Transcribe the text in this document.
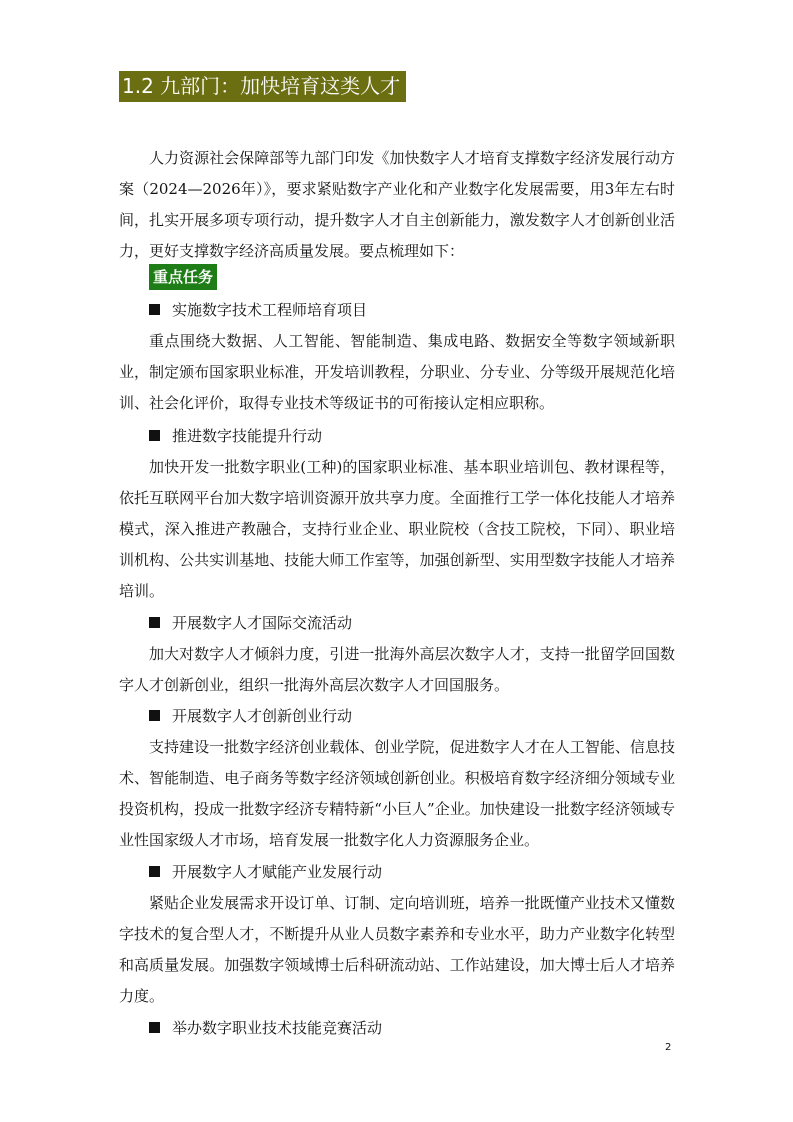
1.2 九部门：加快培育这类人才

人力资源社会保障部等九部门印发《加快数字人才培育支撑数字经济发展行动方案（2024—2026年）》，要求紧贴数字产业化和产业数字化发展需要，用3年左右时间，扎实开展多项专项行动，提升数字人才自主创新能力，激发数字人才创新创业活力，更好支撑数字经济高质量发展。要点梳理如下：

重点任务
实施数字技术工程师培育项目

重点围绕大数据、人工智能、智能制造、集成电路、数据安全等数字领域新职业，制定颁布国家职业标准，开发培训教程，分职业、分专业、分等级开展规范化培训、社会化评价，取得专业技术等级证书的可衔接认定相应职称。

推进数字技能提升行动

加快开发一批数字职业(工种)的国家职业标准、基本职业培训包、教材课程等，依托互联网平台加大数字培训资源开放共享力度。全面推行工学一体化技能人才培养模式，深入推进产教融合，支持行业企业、职业院校（含技工院校，下同）、职业培训机构、公共实训基地、技能大师工作室等，加强创新型、实用型数字技能人才培养培训。

开展数字人才国际交流活动

加大对数字人才倾斜力度，引进一批海外高层次数字人才，支持一批留学回国数字人才创新创业，组织一批海外高层次数字人才回国服务。

开展数字人才创新创业行动

支持建设一批数字经济创业载体、创业学院，促进数字人才在人工智能、信息技术、智能制造、电子商务等数字经济领域创新创业。积极培育数字经济细分领域专业投资机构，投成一批数字经济专精特新“小巨人”企业。加快建设一批数字经济领域专业性国家级人才市场，培育发展一批数字化人力资源服务企业。

开展数字人才赋能产业发展行动

紧贴企业发展需求开设订单、订制、定向培训班，培养一批既懂产业技术又懂数字技术的复合型人才，不断提升从业人员数字素养和专业水平，助力产业数字化转型和高质量发展。加强数字领域博士后科研流动站、工作站建设，加大博士后人才培养力度。

举办数字职业技术技能竞赛活动
2
